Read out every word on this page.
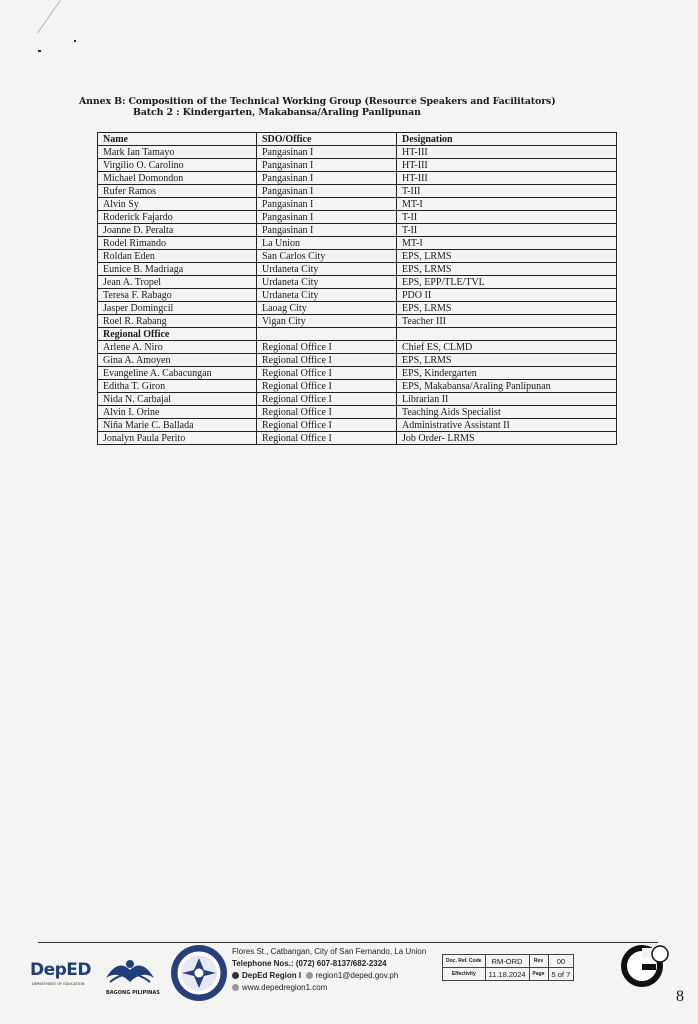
Annex B: Composition of the Technical Working Group (Resource Speakers and Facilitators)
Batch 2 : Kindergarten, Makabansa/Araling Panlipunan
Name	SDO/Office	Designation
Mark Ian Tamayo	Pangasinan I	HT-III
Virgilio O. Carolino	Pangasinan I	HT-III
Michael Domondon	Pangasinan I	HT-III
Rufer Ramos	Pangasinan I	T-III
Alvin Sy	Pangasinan I	MT-I
Roderick Fajardo	Pangasinan I	T-II
Joanne D. Peralta	Pangasinan I	T-II
Rodel Rimando	La Union	MT-I
Roldan Eden	San Carlos City	EPS, LRMS
Eunice B. Madriaga	Urdaneta City	EPS, LRMS
Jean A. Tropel	Urdaneta City	EPS, EPP/TLE/TVL
Teresa F. Rabago	Urdaneta City	PDO II
Jasper Domingcil	Laoag City	EPS, LRMS
Roel R. Rabang	Vigan City	Teacher III
Regional Office		
Arlene A. Niro	Regional Office I	Chief ES, CLMD
Gina A. Amoyen	Regional Office I	EPS, LRMS
Evangeline A. Cabacungan	Regional Office I	EPS, Kindergarten
Editha T. Giron	Regional Office I	EPS, Makabansa/Araling Panlipunan
Nida N. Carbajal	Regional Office I	Librarian II
Alvin I. Orine	Regional Office I	Teaching Aids Specialist
Niña Marie C. Ballada	Regional Office I	Administrative Assistant II
Jonalyn Paula Perito	Regional Office I	Job Order- LRMS
DepED
DEPARTMENT OF EDUCATION
BAGONG PILIPINAS
Flores St., Catbangan, City of San Fernando, La Union
Telephone Nos.: (072) 607-8137/682-2324
DepEd Region I region1@deped.gov.ph
www.depedregion1.com
Doc. Ref. Code	RM-ORD	Rev	00
Effectivity	11.18.2024	Page	5 of 7
8
